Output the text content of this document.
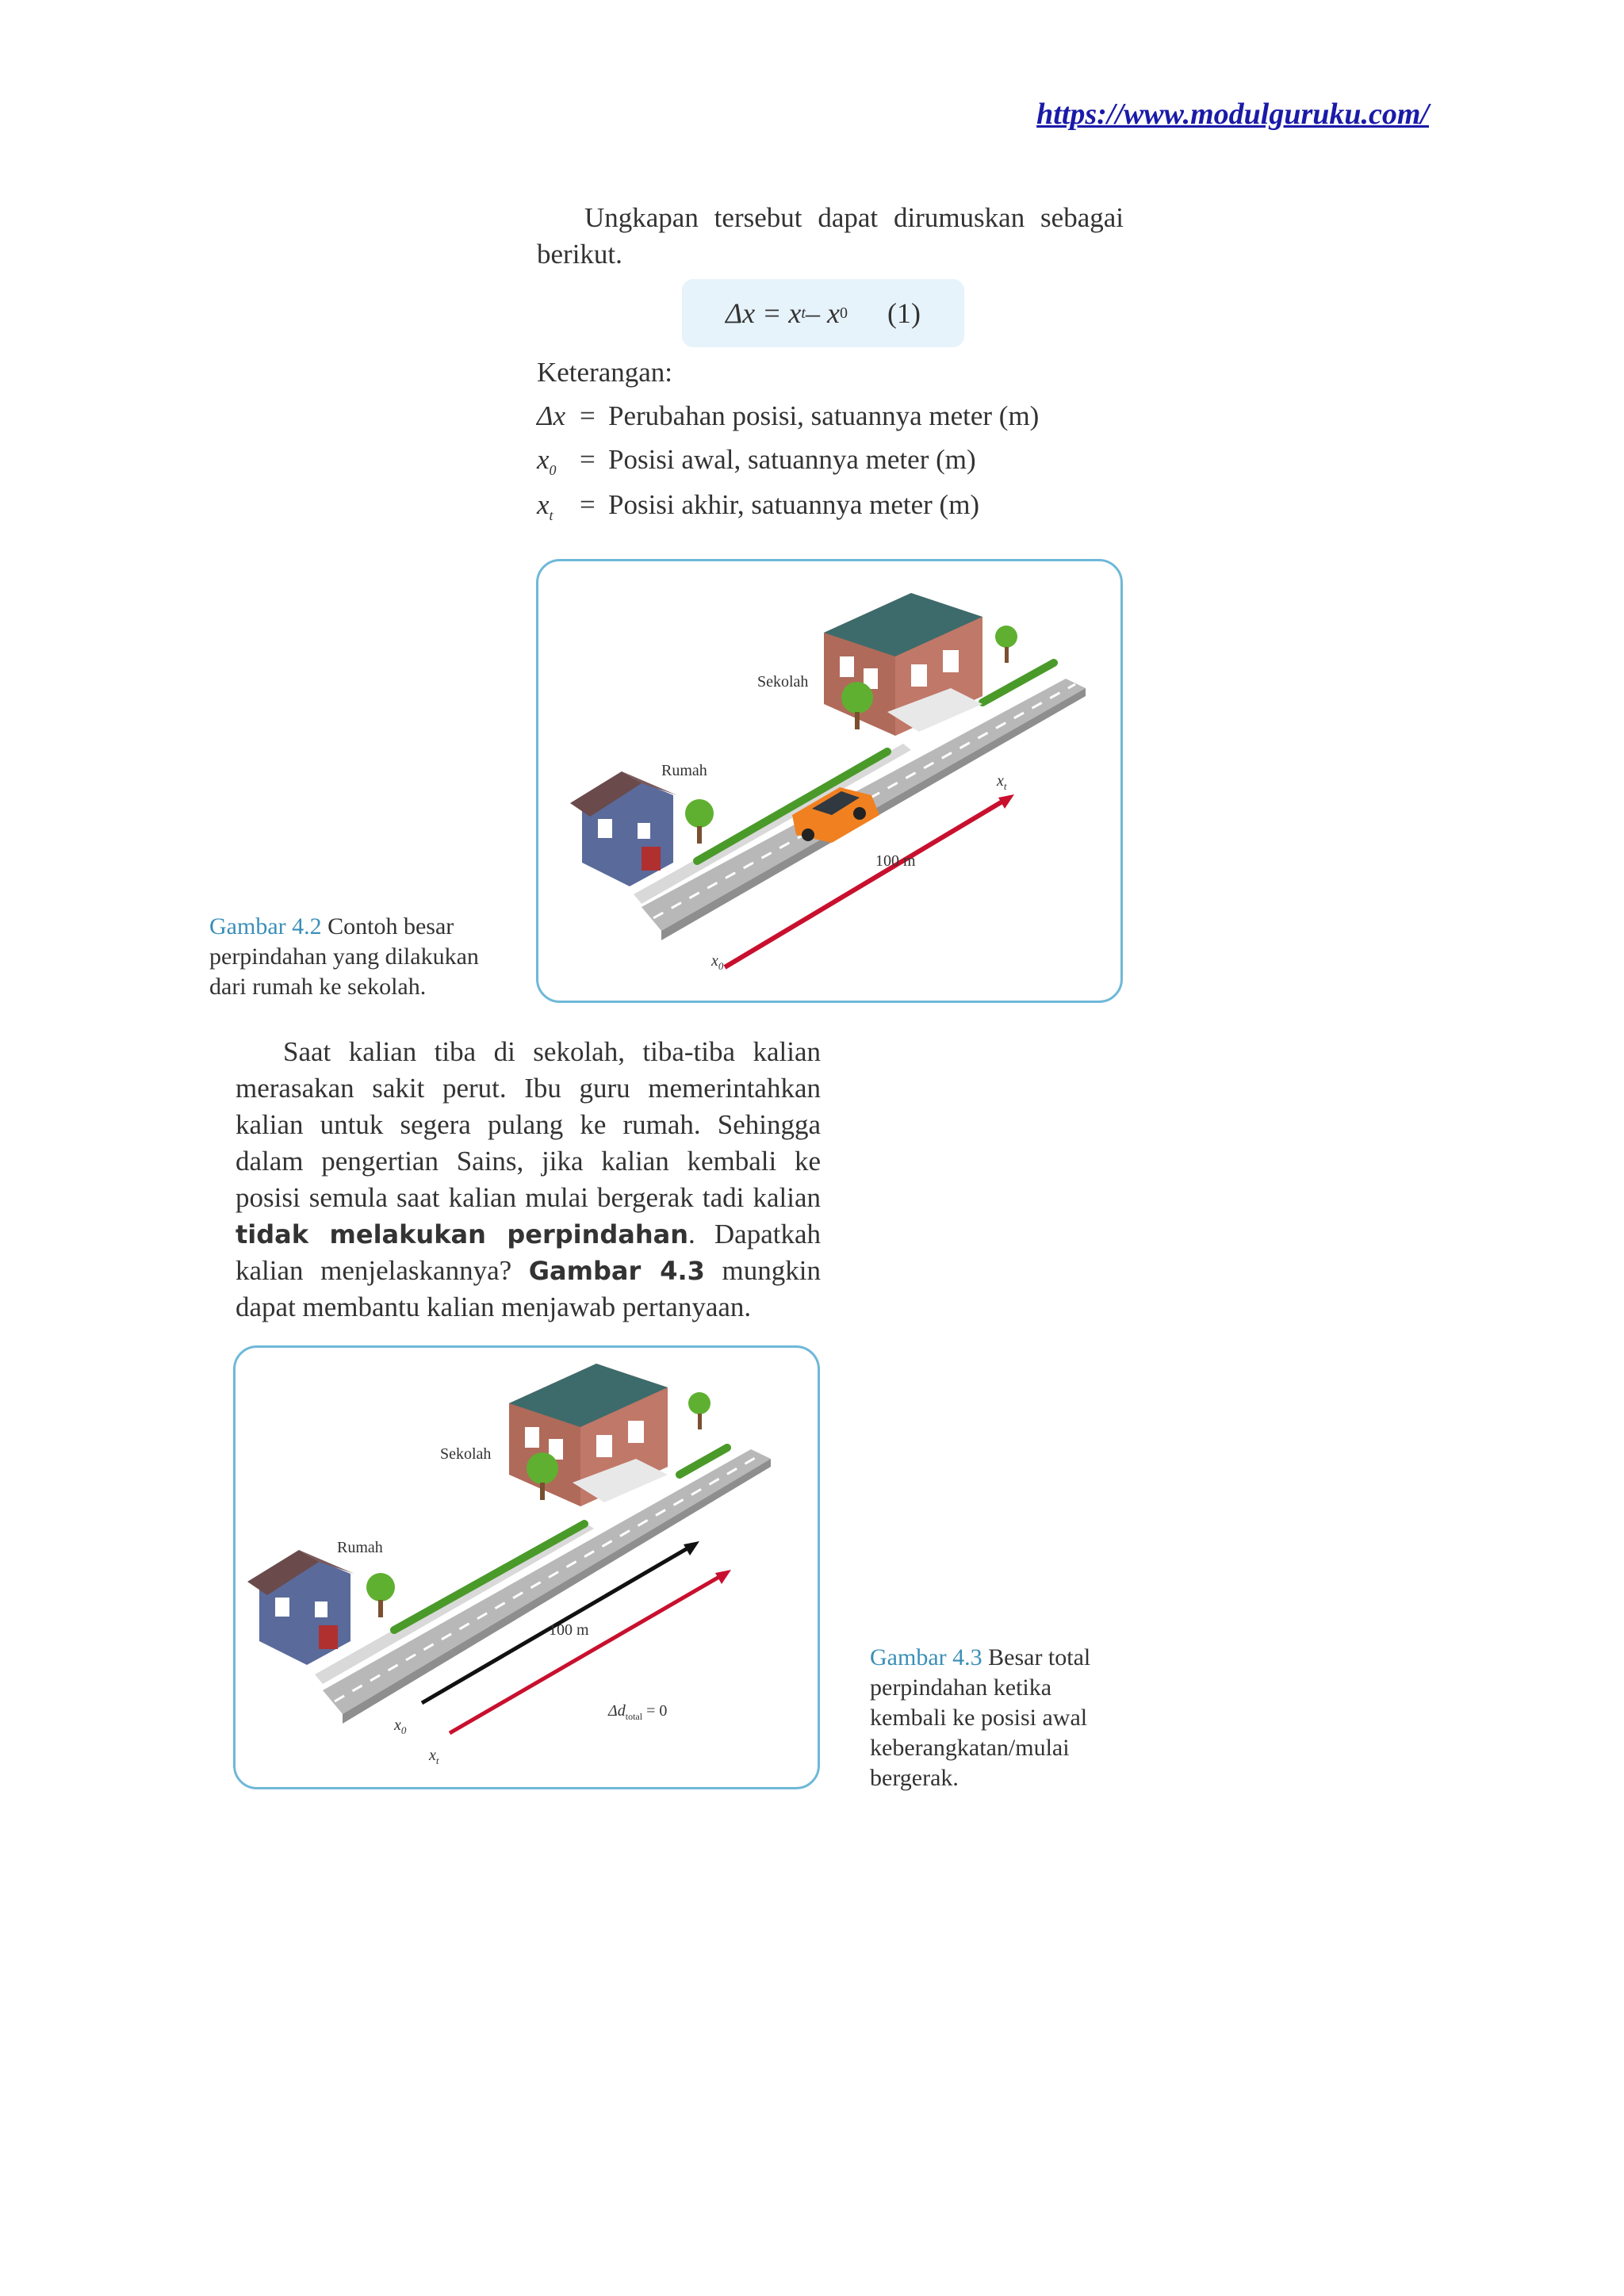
https://www.modulguruku.com/
Ungkapan tersebut dapat dirumuskan sebagai berikut.
Δx = x t – x 0 (1)
Keterangan:
Δx = Perubahan posisi, satuannya meter (m)
$x_0$ = Posisi awal, satuannya meter (m)
$x_t$ = Posisi akhir, satuannya meter (m)
Sekolah
Rumah
100 m
$x_t$
$x_0$
Gambar 4.2 Contoh besar perpindahan yang dilakukan dari rumah ke sekolah.
Saat kalian tiba di sekolah, tiba-tiba kalian merasakan sakit perut. Ibu guru memerintahkan kalian untuk segera pulang ke rumah. Sehingga dalam pengertian Sains, jika kalian kembali ke posisi semula saat kalian mulai bergerak tadi kalian tidak melakukan perpindahan. Dapatkah kalian menjelaskannya? Gambar 4.3 mungkin dapat membantu kalian menjawab pertanyaan.
Sekolah
Rumah
100 m
$x_0$
$x_t$
$\Delta d_{total} = 0$
Gambar 4.3 Besar total perpindahan ketika kembali ke posisi awal keberangkatan/mulai bergerak.
